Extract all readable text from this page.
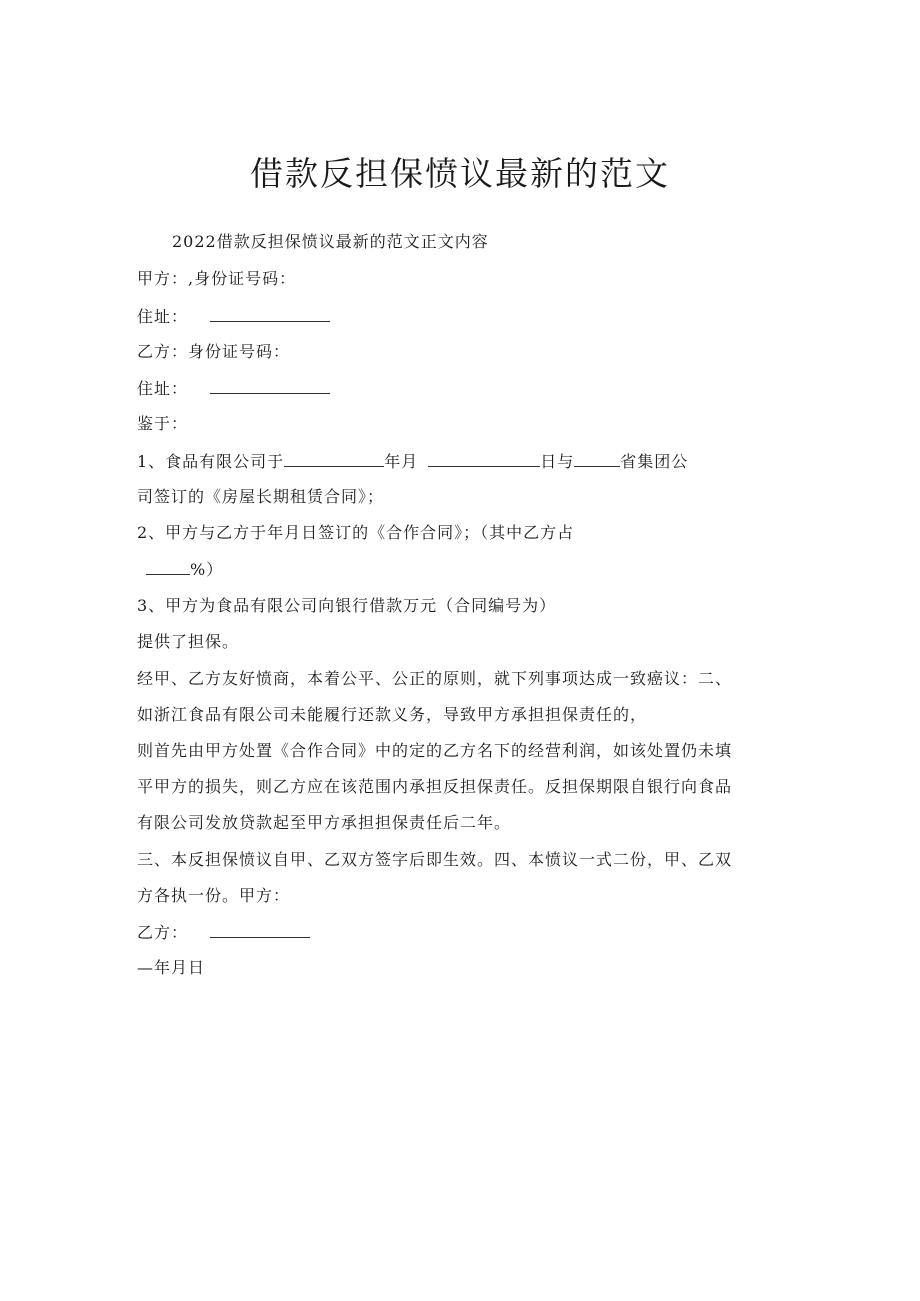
借款反担保愤议最新的范文
2022借款反担保愤议最新的范文正文内容
甲方：,身份证号码：
住址：
乙方：身份证号码：
住址：
鉴于：
1、食品有限公司于	年月	日与	省集团公
司签订的《房屋长期租赁合同》；
2、甲方与乙方于年月日签订的《合作合同》；（其中乙方占
%）
3、甲方为食品有限公司向银行借款万元（合同编号为）
提供了担保。
经甲、乙方友好愤商，本着公平、公正的原则，就下列事项达成一致癌议：二、
如浙江食品有限公司未能履行还款义务，导致甲方承担担保责任的，
则首先由甲方处置《合作合同》中的定的乙方名下的经营利润，如该处置仍未填
平甲方的损失，则乙方应在该范围内承担反担保责任。反担保期限自银行向食品
有限公司发放贷款起至甲方承担担保责任后二年。
三、本反担保愤议自甲、乙双方签字后即生效。四、本愤议一式二份，甲、乙双
方各执一份。甲方：
乙方：
—年月日
